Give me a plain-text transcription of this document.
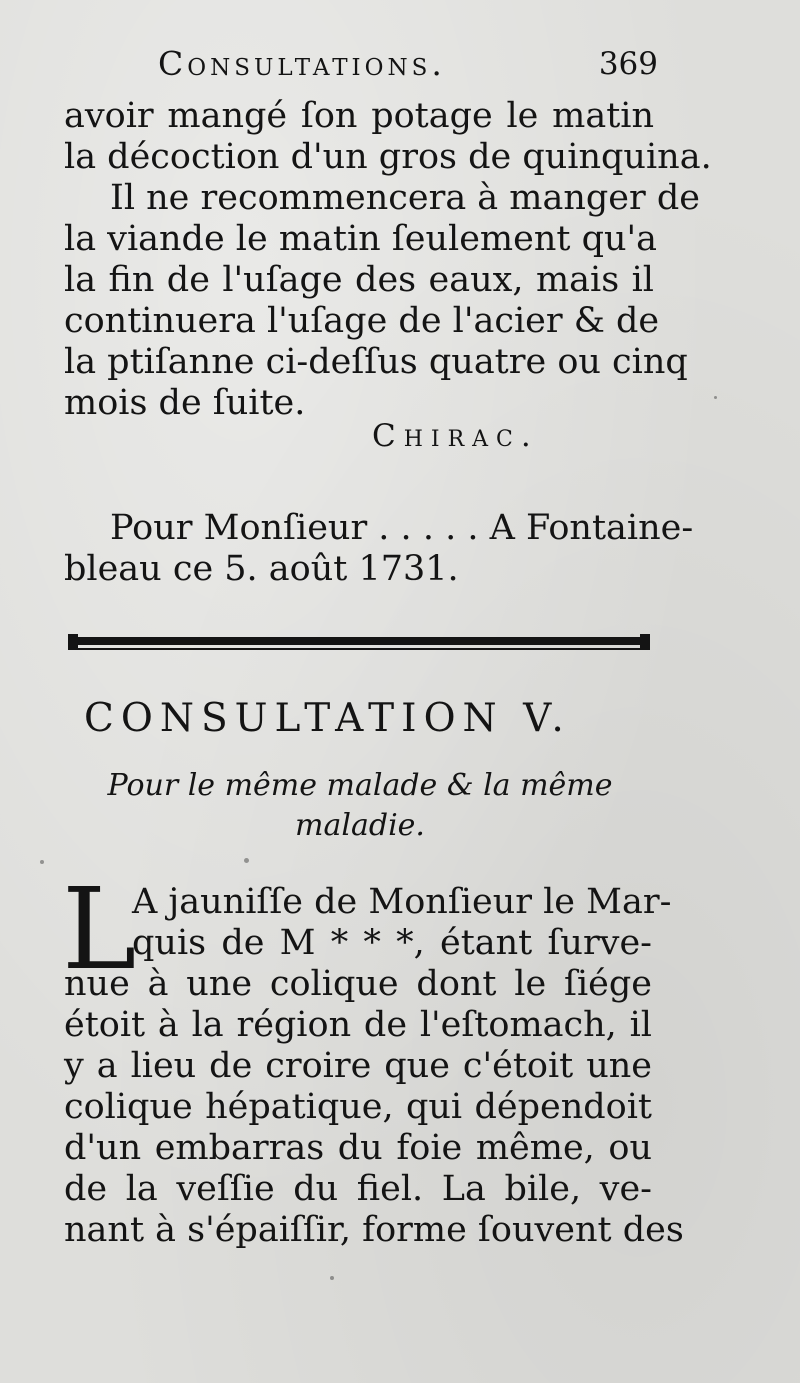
Consultations.	369
avoir mangé ſon potage le matin
la décoction d'un gros de quinquina.
Il ne recommencera à manger de
la viande le matin ſeulement qu'a
la fin de l'uſage des eaux, mais il
continuera l'uſage de l'acier & de
la ptiſanne ci-deſſus quatre ou cinq
mois de ſuite.
Chirac.
Pour Monſieur . . . . . A Fontaine-
bleau ce 5. août 1731.
CONSULTATION V.
Pour le même malade & la même
maladie.
L
A jauniſſe de Monſieur le Mar-
quis de M * * *, étant ſurve-
nue à une colique dont le ſiége
étoit à la région de l'eſtomach, il
y a lieu de croire que c'étoit une
colique hépatique, qui dépendoit
d'un embarras du foie même, ou
de la veſſie du fiel. La bile, ve-
nant à s'épaiſſir, forme ſouvent des
